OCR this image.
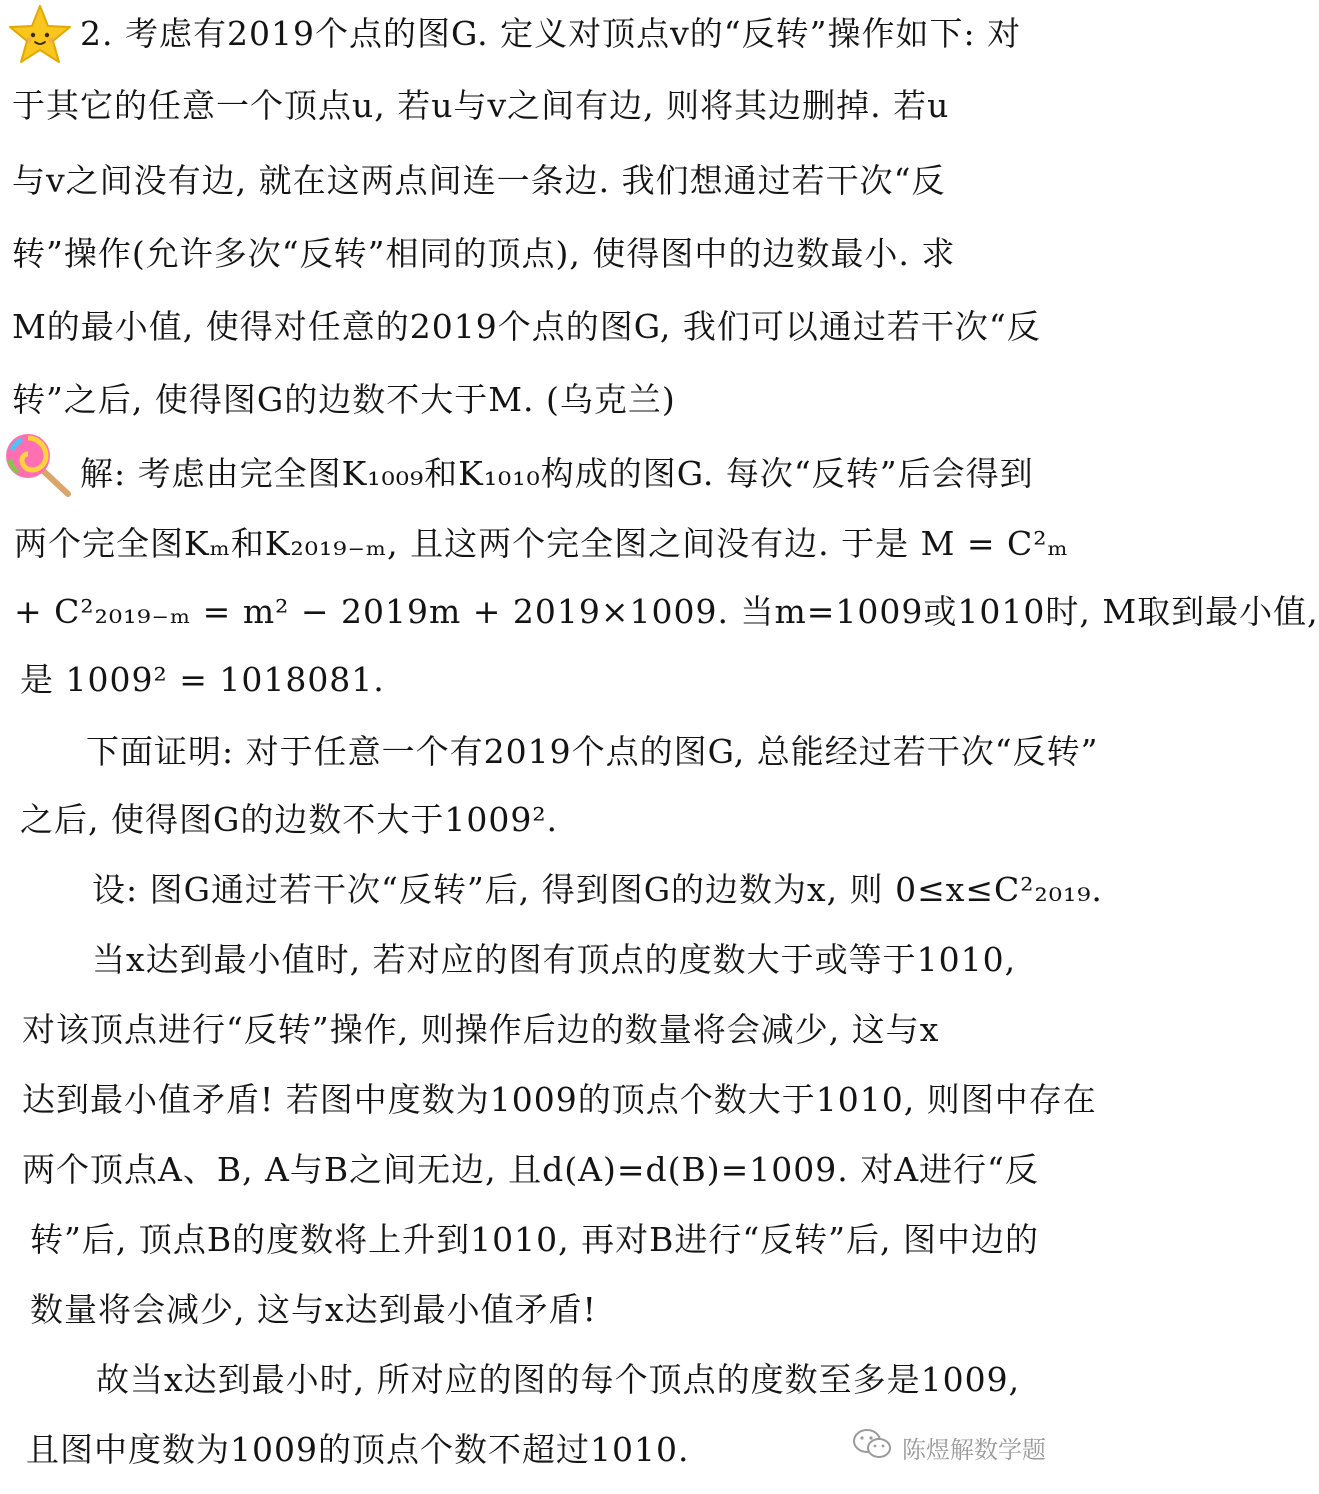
2. 考虑有2019个点的图G. 定义对顶点v的“反转”操作如下: 对
于其它的任意一个顶点u, 若u与v之间有边, 则将其边删掉. 若u
与v之间没有边, 就在这两点间连一条边. 我们想通过若干次“反
转”操作(允许多次“反转”相同的顶点), 使得图中的边数最小. 求
M的最小值, 使得对任意的2019个点的图G, 我们可以通过若干次“反
转”之后, 使得图G的边数不大于M. (乌克兰)
解: 考虑由完全图K₁₀₀₉和K₁₀₁₀构成的图G. 每次“反转”后会得到
两个完全图Kₘ和K₂₀₁₉₋ₘ, 且这两个完全图之间没有边. 于是 M = C²ₘ
+ C²₂₀₁₉₋ₘ = m² − 2019m + 2019×1009. 当m=1009或1010时, M取到最小值,
是 1009² = 1018081.
下面证明: 对于任意一个有2019个点的图G, 总能经过若干次“反转”
之后, 使得图G的边数不大于1009².
设: 图G通过若干次“反转”后, 得到图G的边数为x, 则 0≤x≤C²₂₀₁₉.
当x达到最小值时, 若对应的图有顶点的度数大于或等于1010,
对该顶点进行“反转”操作, 则操作后边的数量将会减少, 这与x
达到最小值矛盾! 若图中度数为1009的顶点个数大于1010, 则图中存在
两个顶点A、B, A与B之间无边, 且d(A)=d(B)=1009. 对A进行“反
转”后, 顶点B的度数将上升到1010, 再对B进行“反转”后, 图中边的
数量将会减少, 这与x达到最小值矛盾!
故当x达到最小时, 所对应的图的每个顶点的度数至多是1009,
且图中度数为1009的顶点个数不超过1010.	陈煜解数学题
